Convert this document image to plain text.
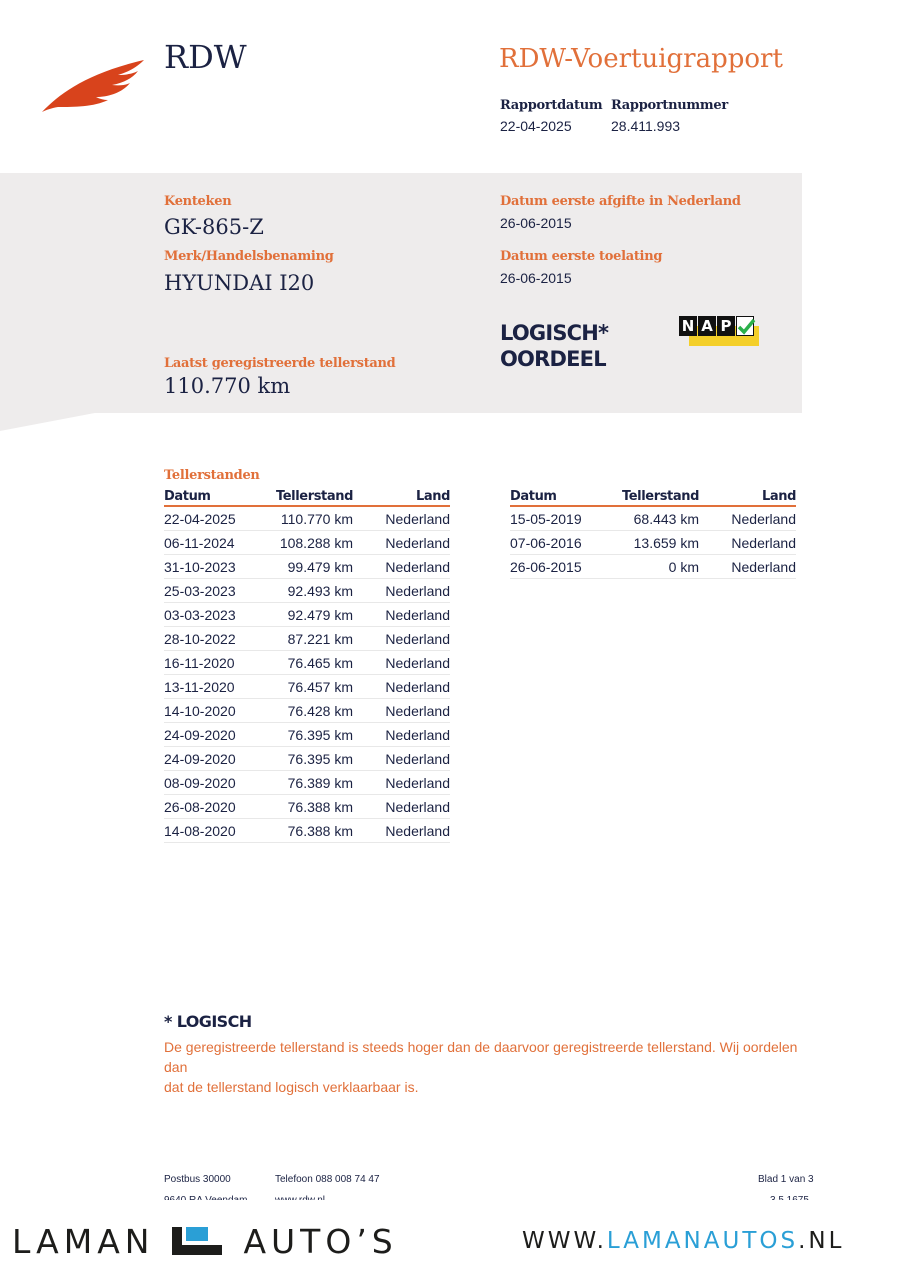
RDW	RDW-Voertuigrapport
Rapportdatum
22-04-2025
Rapportnummer
28.411.993
Kenteken
GK-865-Z
Merk/Handelsbenaming
HYUNDAI I20
Laatst geregistreerde tellerstand
110.770 km
Datum eerste afgifte in Nederland
26-06-2015
Datum eerste toelating
26-06-2015
LOGISCH*
OORDEEL
N A P
Tellerstanden
Datum	Tellerstand	Land
22-04-2025	110.770 km	Nederland
06-11-2024	108.288 km	Nederland
31-10-2023	99.479 km	Nederland
25-03-2023	92.493 km	Nederland
03-03-2023	92.479 km	Nederland
28-10-2022	87.221 km	Nederland
16-11-2020	76.465 km	Nederland
13-11-2020	76.457 km	Nederland
14-10-2020	76.428 km	Nederland
24-09-2020	76.395 km	Nederland
24-09-2020	76.395 km	Nederland
08-09-2020	76.389 km	Nederland
26-08-2020	76.388 km	Nederland
14-08-2020	76.388 km	Nederland
Datum	Tellerstand	Land
15-05-2019	68.443 km	Nederland
07-06-2016	13.659 km	Nederland
26-06-2015	0 km	Nederland
* LOGISCH
De geregistreerde tellerstand is steeds hoger dan de daarvoor geregistreerde tellerstand. Wij oordelen dan
dat de tellerstand logisch verklaarbaar is.
Postbus 30000	Telefoon 088 008 74 47	Blad 1 van 3
LAMAN	AUTO’S	WWW.LAMANAUTOS.NL
